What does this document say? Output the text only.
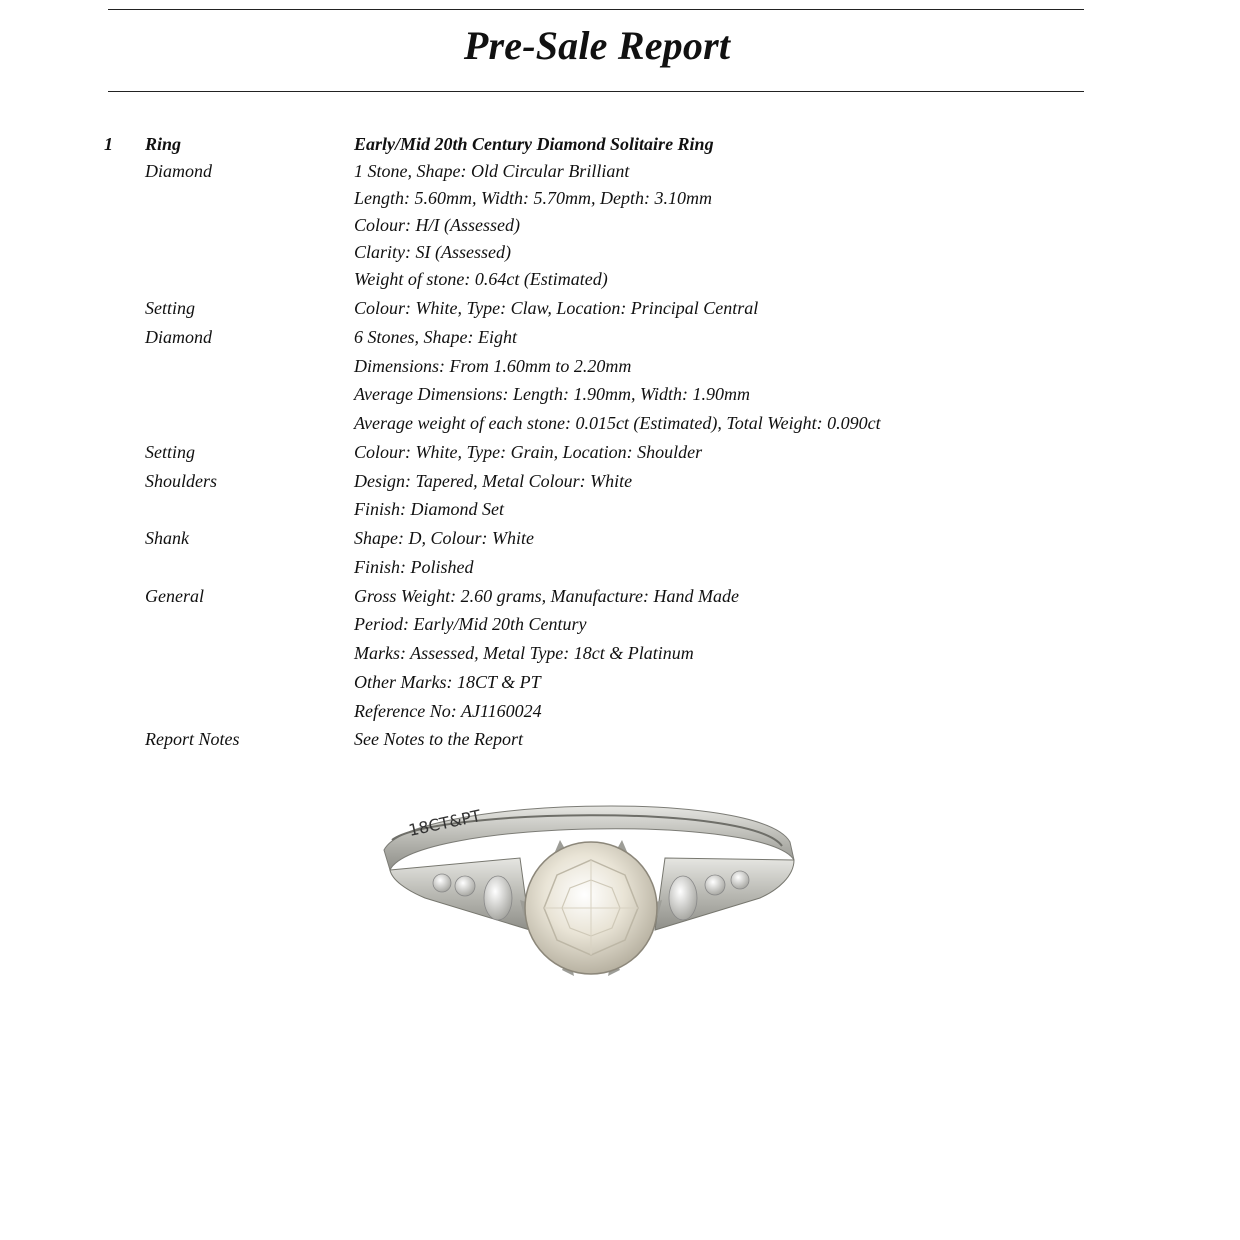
Pre-Sale Report
1 Ring	Early/Mid 20th Century Diamond Solitaire Ring
Diamond	1 Stone, Shape: Old Circular Brilliant
Length: 5.60mm, Width: 5.70mm, Depth: 3.10mm
Colour: H/I (Assessed)
Clarity: SI (Assessed)
Weight of stone: 0.64ct (Estimated)
Setting	Colour: White, Type: Claw, Location: Principal Central
Diamond	6 Stones, Shape: Eight
Dimensions: From 1.60mm to 2.20mm
Average Dimensions: Length: 1.90mm, Width: 1.90mm
Average weight of each stone: 0.015ct (Estimated), Total Weight: 0.090ct
Setting	Colour: White, Type: Grain, Location: Shoulder
Shoulders	Design: Tapered, Metal Colour: White
Finish: Diamond Set
Shank	Shape: D, Colour: White
Finish: Polished
General	Gross Weight: 2.60 grams, Manufacture: Hand Made
Period: Early/Mid 20th Century
Marks: Assessed, Metal Type: 18ct & Platinum
Other Marks: 18CT & PT
Reference No: AJ1160024
Report Notes	See Notes to the Report
18CT&PT
